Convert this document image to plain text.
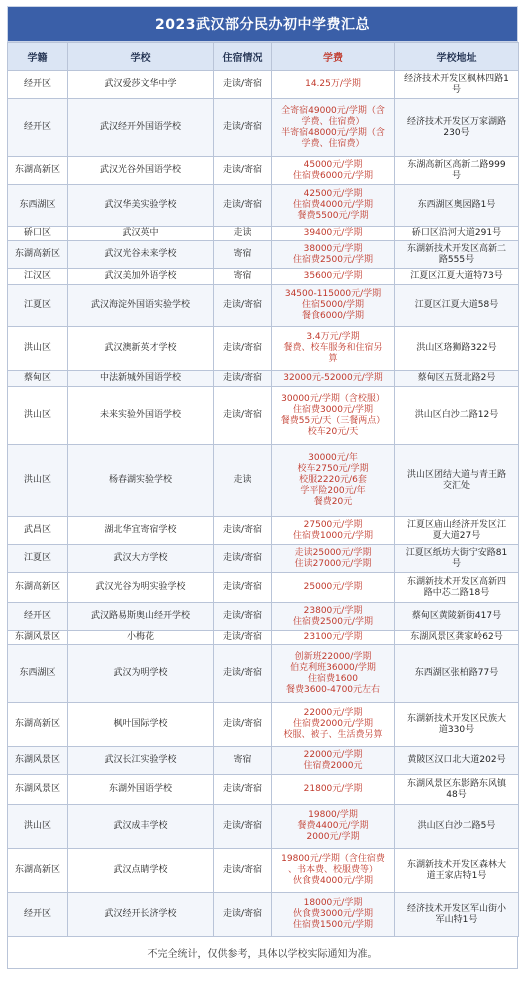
2023武汉部分民办初中学费汇总
学籍	学校	住宿情况	学费	学校地址
经开区	武汉爱莎文华中学	走读/寄宿	14.25万/学期	经济技术开发区枫林四路1
号

经开区	武汉经开外国语学校	走读/寄宿	全寄宿49000元/学期（含
学费、住宿费）
半寄宿48000元/学期（含
学费、住宿费）	经济技术开发区万家湖路
230号

东湖高新区	武汉光谷外国语学校	走读/寄宿	45000元/学期
住宿费6000元/学期	东湖高新区高新二路999
号

东西湖区	武汉华美实验学校	走读/寄宿	42500元/学期
住宿费4000元/学期
餐费5500元/学期	东西湖区奥园路1号

硚口区	武汉英中	走读	39400元/学期	硚口区沿河大道291号

东湖高新区	武汉光谷未来学校	寄宿	38000元/学期
住宿费2500元/学期	东湖新技术开发区高新二
路555号

江汉区	武汉美加外语学校	寄宿	35600元/学期	江夏区江夏大道特73号

江夏区	武汉海淀外国语实验学校	走读/寄宿	34500-115000元/学期
住宿5000/学期
餐食6000/学期	江夏区江夏大道58号

洪山区	武汉澳新英才学校	走读/寄宿	3.4万元/学期
餐费、校车服务和住宿另
算	洪山区珞狮路322号

蔡甸区	中法新城外国语学校	走读/寄宿	32000元-52000元/学期	蔡甸区五贤北路2号

洪山区	未来实验外国语学校	走读/寄宿	30000元/学期（含校服）
住宿费3000元/学期
餐费55元/天（三餐两点）
校车20元/天	洪山区白沙二路12号

洪山区	杨春湖实验学校	走读	30000元/年
校车2750元/学期
校服2220元/6套
学平险200元/年
餐费20元	洪山区团结大道与青王路
交汇处

武昌区	湖北华宜寄宿学校	走读/寄宿	27500元/学期
住宿费1000元/学期	江夏区庙山经济开发区江
夏大道27号

江夏区	武汉大方学校	走读/寄宿	走读25000元/学期
住读27000元/学期	江夏区纸坊大街宁安路81
号

东湖高新区	武汉光谷为明实验学校	走读/寄宿	25000元/学期	东湖新技术开发区高新四
路中芯二路18号

经开区	武汉路易斯奥山经开学校	走读/寄宿	23800元/学期
住宿费2500元/学期	蔡甸区黄陵新街417号

东湖风景区	小梅花	走读/寄宿	23100元/学期	东湖风景区龚家岭62号

东西湖区	武汉为明学校	走读/寄宿	创新班22000/学期
伯克利班36000/学期
住宿费1600
餐费3600-4700元左右	东西湖区张柏路77号

东湖高新区	枫叶国际学校	走读/寄宿	22000元/学期
住宿费2000元/学期
校服、被子、生活费另算	东湖新技术开发区民族大
道330号

东湖风景区	武汉长江实验学校	寄宿	22000元/学期
住宿费2000元	黄陂区汉口北大道202号

东湖风景区	东湖外国语学校	走读/寄宿	21800元/学期	东湖风景区东影路东风镇
48号

洪山区	武汉成丰学校	走读/寄宿	19800/学期
餐费4400元/学期
2000元/学期	洪山区白沙二路5号

东湖高新区	武汉点睛学校	走读/寄宿	19800元/学期（含住宿费
、书本费、校服费等）
伙食费4000元/学期	东湖新技术开发区森林大
道王家店特1号

经开区	武汉经开长济学校	走读/寄宿	18000元/学期
伙食费3000元/学期
住宿费1500元/学期	经济技术开发区军山街小
军山特1号
不完全统计，仅供参考，具体以学校实际通知为准。
